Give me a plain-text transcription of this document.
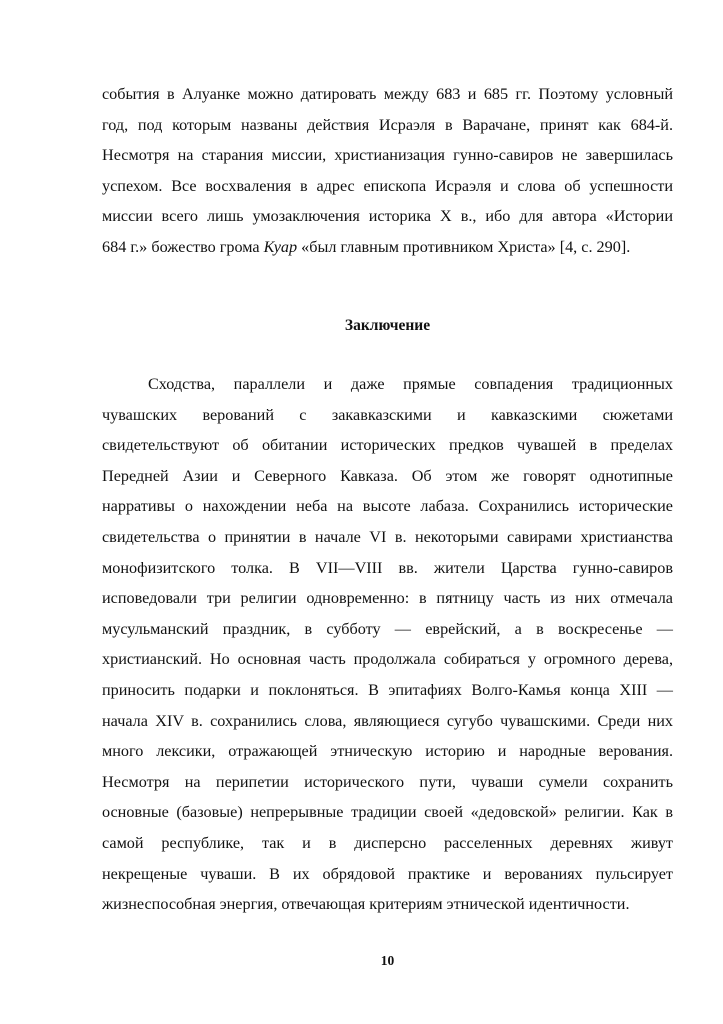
события в Алуанке можно датировать между 683 и 685 гг. Поэтому условный
год, под которым названы действия Исраэля в Варачане, принят как 684-й.
Несмотря на старания миссии, христианизация гунно-савиров не завершилась
успехом. Все восхваления в адрес епископа Исраэля и слова об успешности
миссии всего лишь умозаключения историка X в., ибо для автора «Истории
684 г.» божество грома Куар «был главным противником Христа» [4, с. 290].
Заключение
Сходства, параллели и даже прямые совпадения традиционных
чувашских верований с закавказскими и кавказскими сюжетами
свидетельствуют об обитании исторических предков чувашей в пределах
Передней Азии и Северного Кавказа. Об этом же говорят однотипные
нарративы о нахождении неба на высоте лабаза. Сохранились исторические
свидетельства о принятии в начале VI в. некоторыми савирами христианства
монофизитского толка. В VII—VIII вв. жители Царства гунно-савиров
исповедовали три религии одновременно: в пятницу часть из них отмечала
мусульманский праздник, в субботу — еврейский, а в воскресенье —
христианский. Но основная часть продолжала собираться у огромного дерева,
приносить подарки и поклоняться. В эпитафиях Волго-Камья конца XIII —
начала XIV в. сохранились слова, являющиеся сугубо чувашскими. Среди них
много лексики, отражающей этническую историю и народные верования.
Несмотря на перипетии исторического пути, чуваши сумели сохранить
основные (базовые) непрерывные традиции своей «дедовской» религии. Как в
самой республике, так и в дисперсно расселенных деревнях живут
некрещеные чуваши. В их обрядовой практике и верованиях пульсирует
жизнеспособная энергия, отвечающая критериям этнической идентичности.
10
